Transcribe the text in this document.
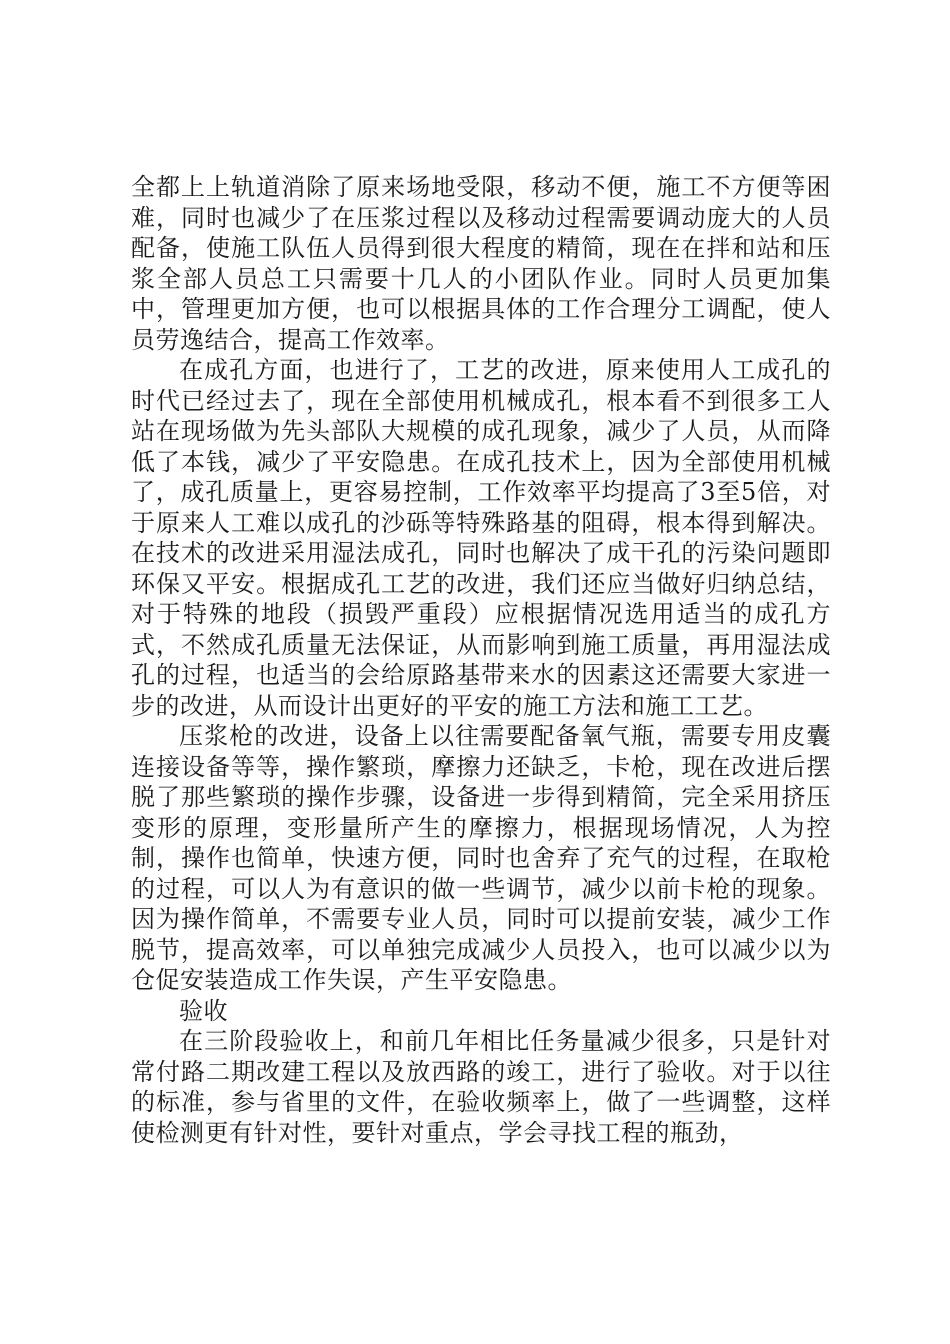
全都上上轨道消除了原来场地受限，移动不便，施工不方便等困难，同时也减少了在压浆过程以及移动过程需要调动庞大的人员配备，使施工队伍人员得到很大程度的精简，现在在拌和站和压浆全部人员总工只需要十几人的小团队作业。同时人员更加集中，管理更加方便，也可以根据具体的工作合理分工调配，使人员劳逸结合，提高工作效率。

在成孔方面，也进行了，工艺的改进，原来使用人工成孔的时代已经过去了，现在全部使用机械成孔，根本看不到很多工人站在现场做为先头部队大规模的成孔现象，减少了人员，从而降低了本钱，减少了平安隐患。在成孔技术上，因为全部使用机械了，成孔质量上，更容易控制，工作效率平均提高了3至5倍，对于原来人工难以成孔的沙砾等特殊路基的阻碍，根本得到解决。在技术的改进采用湿法成孔，同时也解决了成干孔的污染问题即环保又平安。根据成孔工艺的改进，我们还应当做好归纳总结，对于特殊的地段（损毁严重段）应根据情况选用适当的成孔方式，不然成孔质量无法保证，从而影响到施工质量，再用湿法成孔的过程，也适当的会给原路基带来水的因素这还需要大家进一步的改进，从而设计出更好的平安的施工方法和施工工艺。

压浆枪的改进，设备上以往需要配备氧气瓶，需要专用皮囊连接设备等等，操作繁琐，摩擦力还缺乏，卡枪，现在改进后摆脱了那些繁琐的操作步骤，设备进一步得到精简，完全采用挤压变形的原理，变形量所产生的摩擦力，根据现场情况，人为控制，操作也简单，快速方便，同时也舍弃了充气的过程，在取枪的过程，可以人为有意识的做一些调节，减少以前卡枪的现象。因为操作简单，不需要专业人员，同时可以提前安装，减少工作脱节，提高效率，可以单独完成减少人员投入，也可以减少以为仓促安装造成工作失误，产生平安隐患。

验收

在三阶段验收上，和前几年相比任务量减少很多，只是针对常付路二期改建工程以及放西路的竣工，进行了验收。对于以往的标准，参与省里的文件，在验收频率上，做了一些调整，这样使检测更有针对性，要针对重点，学会寻找工程的瓶劲，
